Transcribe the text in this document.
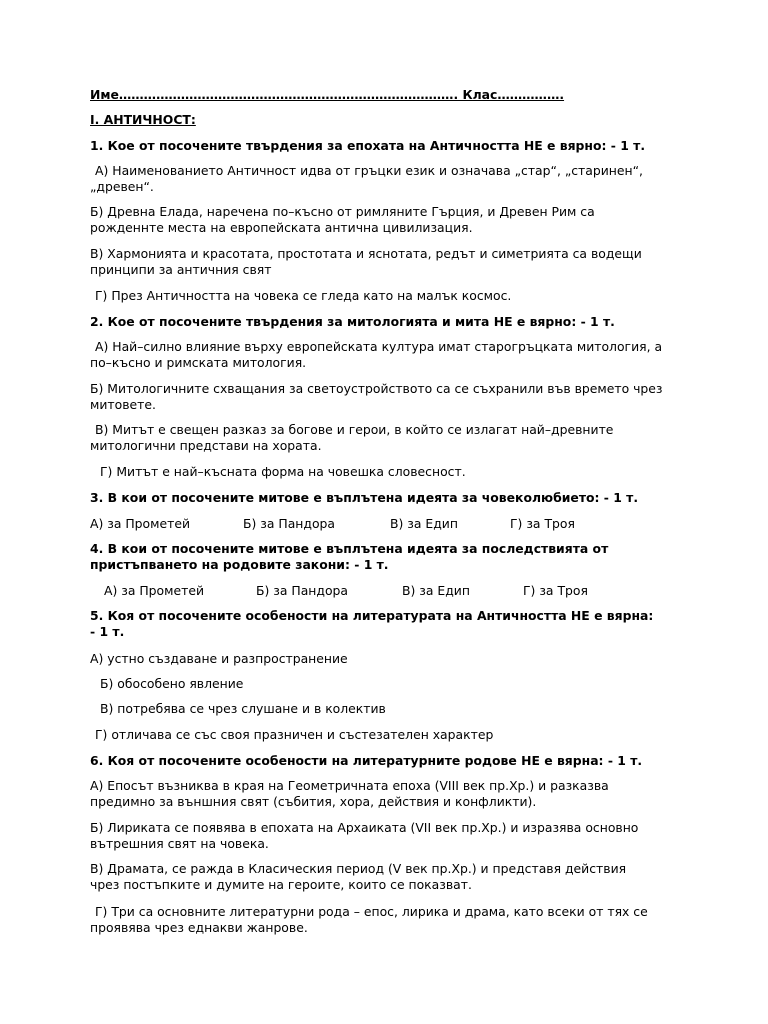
Име………………………………………………………………………. Клас…………….
I. АНТИЧНОСТ:
1. Кое от посочените твърдения за епохата на Античността НЕ е вярно: - 1 т.
А) Наименованието Античност идва от гръцки език и означава „стар“, „старинен“,
„древен“.
Б) Древна Елада, наречена по–късно от римляните Гърция, и Древен Рим са
рожденнте места на европейската антична цивилизация.
В) Хармонията и красотата, простотата и яснотата, редът и симетрията са водещи
принципи за античния свят
Г) През Античността на човека се гледа като на малък космос.
2. Кое от посочените твърдения за митологията и мита НЕ е вярно: - 1 т.
А) Най–силно влияние върху европейската култура имат старогръцката митология, а
по–късно и римската митология.
Б) Митологичните схващания за светоустройството са се съхранили във времето чрез
митовете.
В) Митът е свещен разказ за богове и герои, в който се излагат най–древните
митологични представи на хората.
Г) Митът е най–късната форма на човешка словесност.
3. В кои от посочените митове е въплътена идеята за човеколюбието: - 1 т.
А) за Прометей	Б) за Пандора	В) за Едип	Г) за Троя
4. В кои от посочените митове е въплътена идеята за последствията от
пристъпването на родовите закони: - 1 т.
А) за Прометей	Б) за Пандора	В) за Едип	Г) за Троя
5. Коя от посочените особености на литературата на Античността НЕ е вярна:
- 1 т.
А) устно създаване и разпространение
Б) обособено явление
В) потребява се чрез слушане и в колектив
Г) отличава се със своя празничен и състезателен характер
6. Коя от посочените особености на литературните родове НЕ е вярна: - 1 т.
А) Епосът възниква в края на Геометричната епоха (VIII век пр.Хр.) и разказва
предимно за външния свят (събития, хора, действия и конфликти).
Б) Лириката се появява в епохата на Архаиката (VII век пр.Хр.) и изразява основно
вътрешния свят на човека.
В) Драмата, се ражда в Класическия период (V век пр.Хр.) и представя действия
чрез постъпките и думите на героите, които се показват.
Г) Три са основните литературни рода – епос, лирика и драма, като всеки от тях се
проявява чрез еднакви жанрове.
